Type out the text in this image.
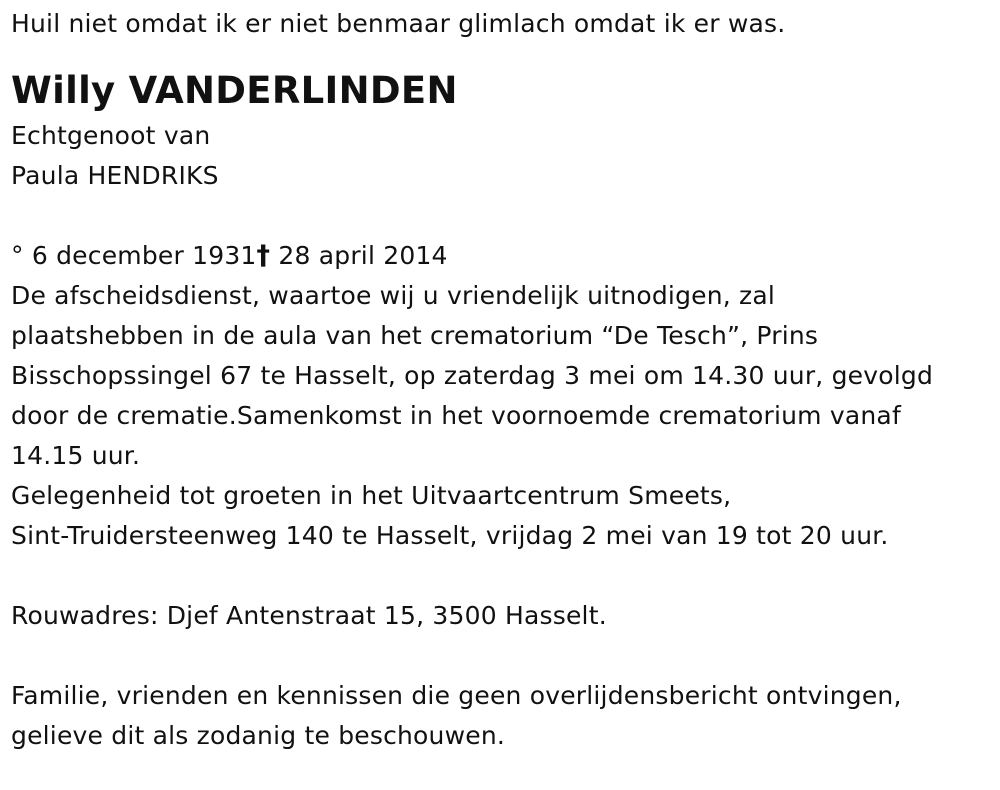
Huil niet omdat ik er niet benmaar glimlach omdat ik er was.
Willy VANDERLINDEN
Echtgenoot van
Paula HENDRIKS
° 6 december 1931† 28 april 2014
De afscheidsdienst, waartoe wij u vriendelijk uitnodigen, zal
plaatshebben in de aula van het crematorium “De Tesch”, Prins
Bisschopssingel 67 te Hasselt, op zaterdag 3 mei om 14.30 uur, gevolgd
door de crematie.Samenkomst in het voornoemde crematorium vanaf
14.15 uur.
Gelegenheid tot groeten in het Uitvaartcentrum Smeets,
Sint-Truidersteenweg 140 te Hasselt, vrijdag 2 mei van 19 tot 20 uur.
Rouwadres: Djef Antenstraat 15, 3500 Hasselt.
Familie, vrienden en kennissen die geen overlijdensbericht ontvingen,
gelieve dit als zodanig te beschouwen.
